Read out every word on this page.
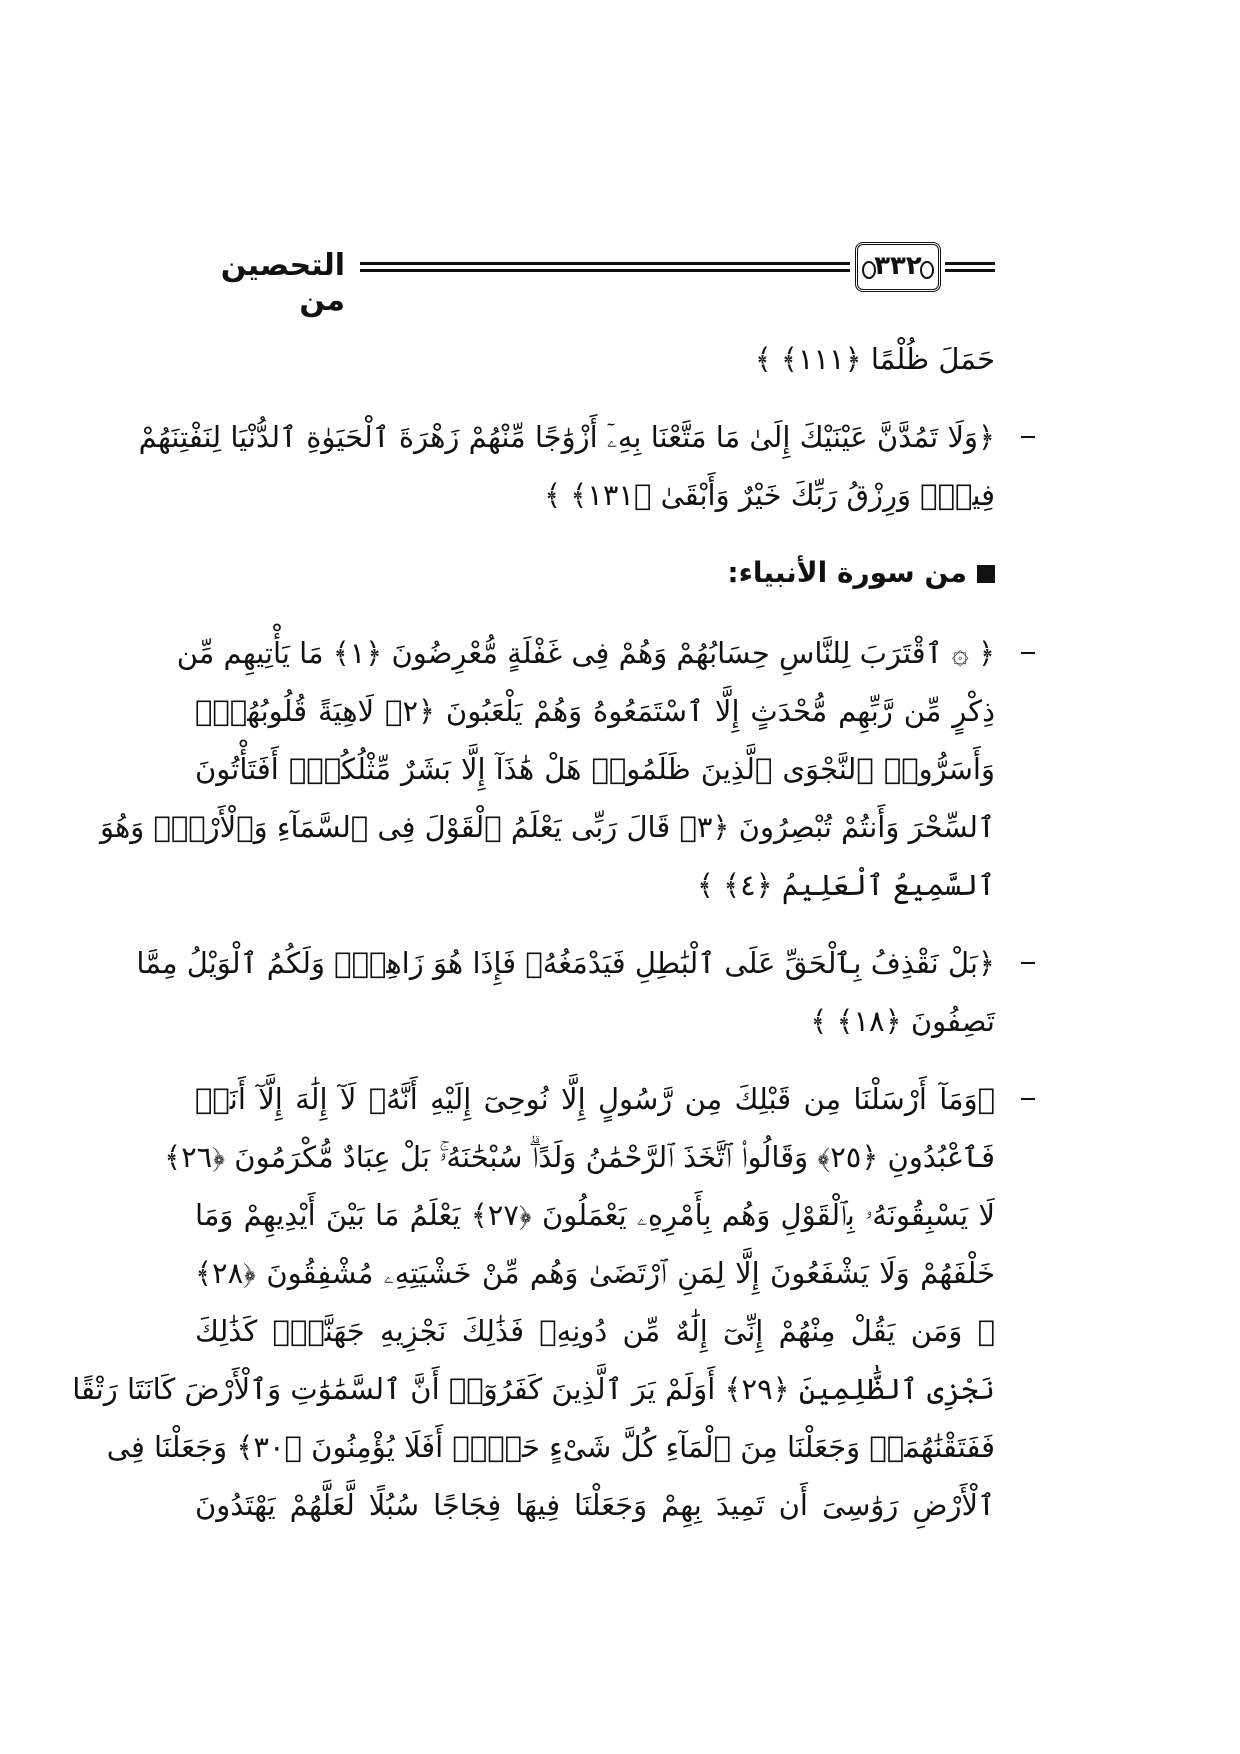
التحصين من
٣٣٢
حَمَلَ ظُلْمًا ﴿١١١﴾ ﴾
﴿وَلَا تَمُدَّنَّ عَيْنَيْكَ إِلَىٰ مَا مَتَّعْنَا بِهِۦٓ أَزْوَٰجًا مِّنْهُمْ زَهْرَةَ ٱلْحَيَوٰةِ ٱلدُّنْيَا لِنَفْتِنَهُمْ
فِيهِۚ وَرِزْقُ رَبِّكَ خَيْرٌ وَأَبْقَىٰ ﴿١٣١﴾ ﴾
من سورة الأنبياء:
﴿ ۞ ٱقْتَرَبَ لِلنَّاسِ حِسَابُهُمْ وَهُمْ فِى غَفْلَةٍ مُّعْرِضُونَ ﴿١﴾ مَا يَأْتِيهِم مِّن
ذِكْرٍ مِّن رَّبِّهِم مُّحْدَثٍ إِلَّا ٱسْتَمَعُوهُ وَهُمْ يَلْعَبُونَ ﴿٢﴾ لَاهِيَةً قُلُوبُهُمْۗ
وَأَسَرُّوا۟ ٱلنَّجْوَى ٱلَّذِينَ ظَلَمُوا۟ هَلْ هَٰذَآ إِلَّا بَشَرٌ مِّثْلُكُمْۖ أَفَتَأْتُونَ
ٱلسِّحْرَ وَأَنتُمْ تُبْصِرُونَ ﴿٣﴾ قَالَ رَبِّى يَعْلَمُ ٱلْقَوْلَ فِى ٱلسَّمَآءِ وَٱلْأَرْضِۖ وَهُوَ
ٱلسَّمِيعُ ٱلْعَلِيمُ ﴿٤﴾ ﴾
﴿بَلْ نَقْذِفُ بِٱلْحَقِّ عَلَى ٱلْبَٰطِلِ فَيَدْمَغُهُۥ فَإِذَا هُوَ زَاهِقٌۚ وَلَكُمُ ٱلْوَيْلُ مِمَّا
تَصِفُونَ ﴿١٨﴾ ﴾
﴿وَمَآ أَرْسَلْنَا مِن قَبْلِكَ مِن رَّسُولٍ إِلَّا نُوحِىٓ إِلَيْهِ أَنَّهُۥ لَآ إِلَٰهَ إِلَّآ أَنَا۠
فَٱعْبُدُونِ ﴿٢٥﴾ وَقَالُوا۟ ٱتَّخَذَ ٱلرَّحْمَٰنُ وَلَدًاۗ سُبْحَٰنَهُۥۚ بَلْ عِبَادٌ مُّكْرَمُونَ ﴿٢٦﴾
لَا يَسْبِقُونَهُۥ بِٱلْقَوْلِ وَهُم بِأَمْرِهِۦ يَعْمَلُونَ ﴿٢٧﴾ يَعْلَمُ مَا بَيْنَ أَيْدِيهِمْ وَمَا
خَلْفَهُمْ وَلَا يَشْفَعُونَ إِلَّا لِمَنِ ٱرْتَضَىٰ وَهُم مِّنْ خَشْيَتِهِۦ مُشْفِقُونَ ﴿٢٨﴾
۞ وَمَن يَقُلْ مِنْهُمْ إِنِّىٓ إِلَٰهٌ مِّن دُونِهِۦ فَذَٰلِكَ نَجْزِيهِ جَهَنَّمَۚ كَذَٰلِكَ
نَجْزِى ٱلظَّٰلِمِينَ ﴿٢٩﴾ أَوَلَمْ يَرَ ٱلَّذِينَ كَفَرُوٓا۟ أَنَّ ٱلسَّمَٰوَٰتِ وَٱلْأَرْضَ كَانَتَا رَتْقًا
فَفَتَقْنَٰهُمَاۖ وَجَعَلْنَا مِنَ ٱلْمَآءِ كُلَّ شَىْءٍ حَىٍّۖ أَفَلَا يُؤْمِنُونَ ﴿٣٠﴾ وَجَعَلْنَا فِى
ٱلْأَرْضِ رَوَٰسِىَ أَن تَمِيدَ بِهِمْ وَجَعَلْنَا فِيهَا فِجَاجًا سُبُلًا لَّعَلَّهُمْ يَهْتَدُونَ
